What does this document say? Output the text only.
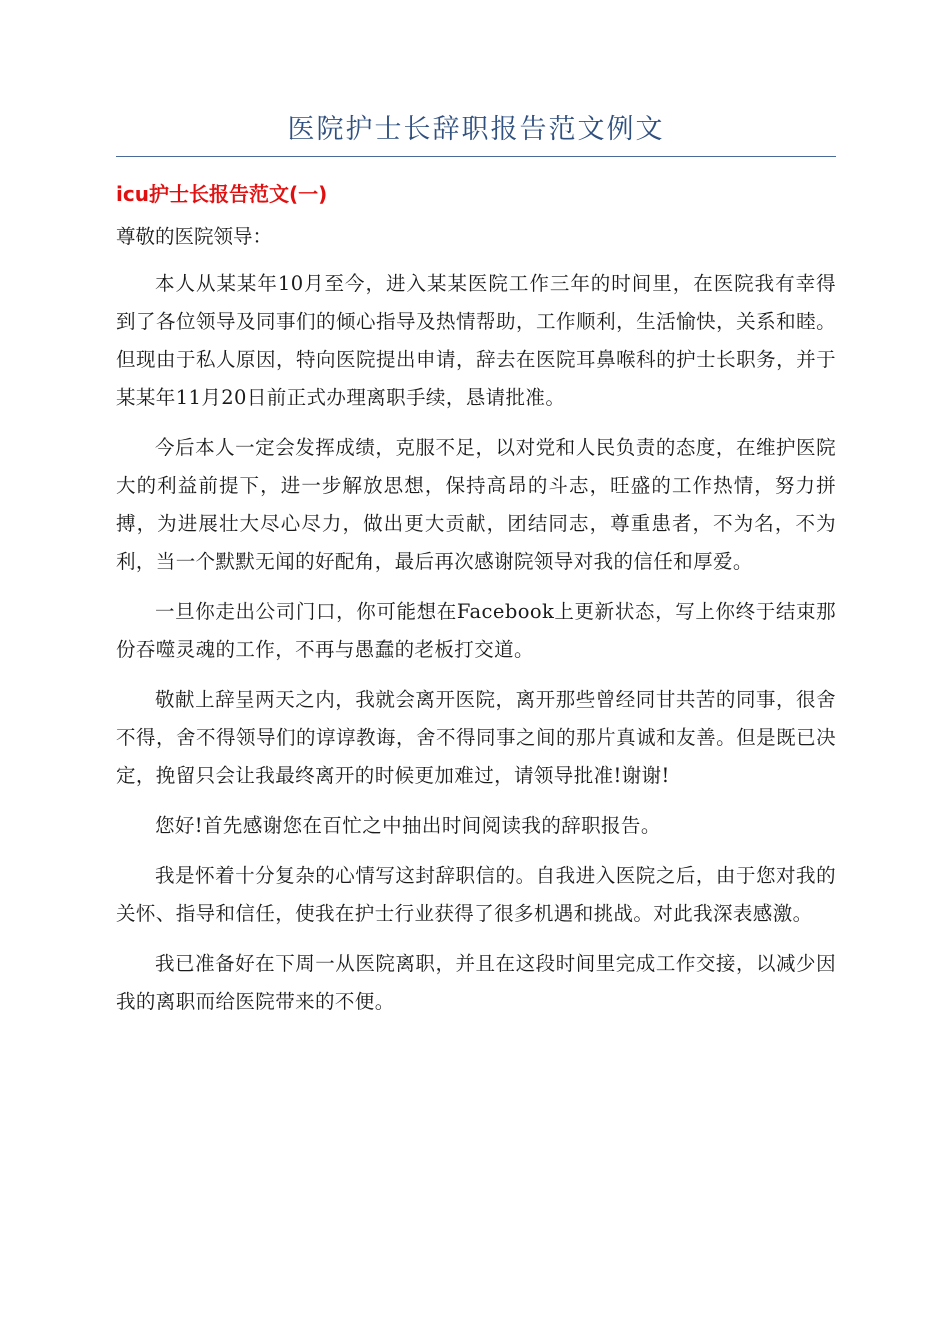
医院护士长辞职报告范文例文
icu护士长报告范文(一)
尊敬的医院领导：

本人从某某年10月至今，进入某某医院工作三年的时间里，在医院我有幸得到了各位领导及同事们的倾心指导及热情帮助，工作顺利，生活愉快，关系和睦。但现由于私人原因，特向医院提出申请，辞去在医院耳鼻喉科的护士长职务，并于某某年11月20日前正式办理离职手续，恳请批准。

今后本人一定会发挥成绩，克服不足，以对党和人民负责的态度，在维护医院大的利益前提下，进一步解放思想，保持高昂的斗志，旺盛的工作热情，努力拼搏，为进展壮大尽心尽力，做出更大贡献，团结同志，尊重患者，不为名，不为利，当一个默默无闻的好配角，最后再次感谢院领导对我的信任和厚爱。

一旦你走出公司门口，你可能想在Facebook上更新状态，写上你终于结束那份吞噬灵魂的工作，不再与愚蠢的老板打交道。

敬献上辞呈两天之内，我就会离开医院，离开那些曾经同甘共苦的同事，很舍不得，舍不得领导们的谆谆教诲，舍不得同事之间的那片真诚和友善。但是既已决定，挽留只会让我最终离开的时候更加难过，请领导批准!谢谢!

您好!首先感谢您在百忙之中抽出时间阅读我的辞职报告。

我是怀着十分复杂的心情写这封辞职信的。自我进入医院之后，由于您对我的关怀、指导和信任，使我在护士行业获得了很多机遇和挑战。对此我深表感激。

我已准备好在下周一从医院离职，并且在这段时间里完成工作交接，以减少因我的离职而给医院带来的不便。
